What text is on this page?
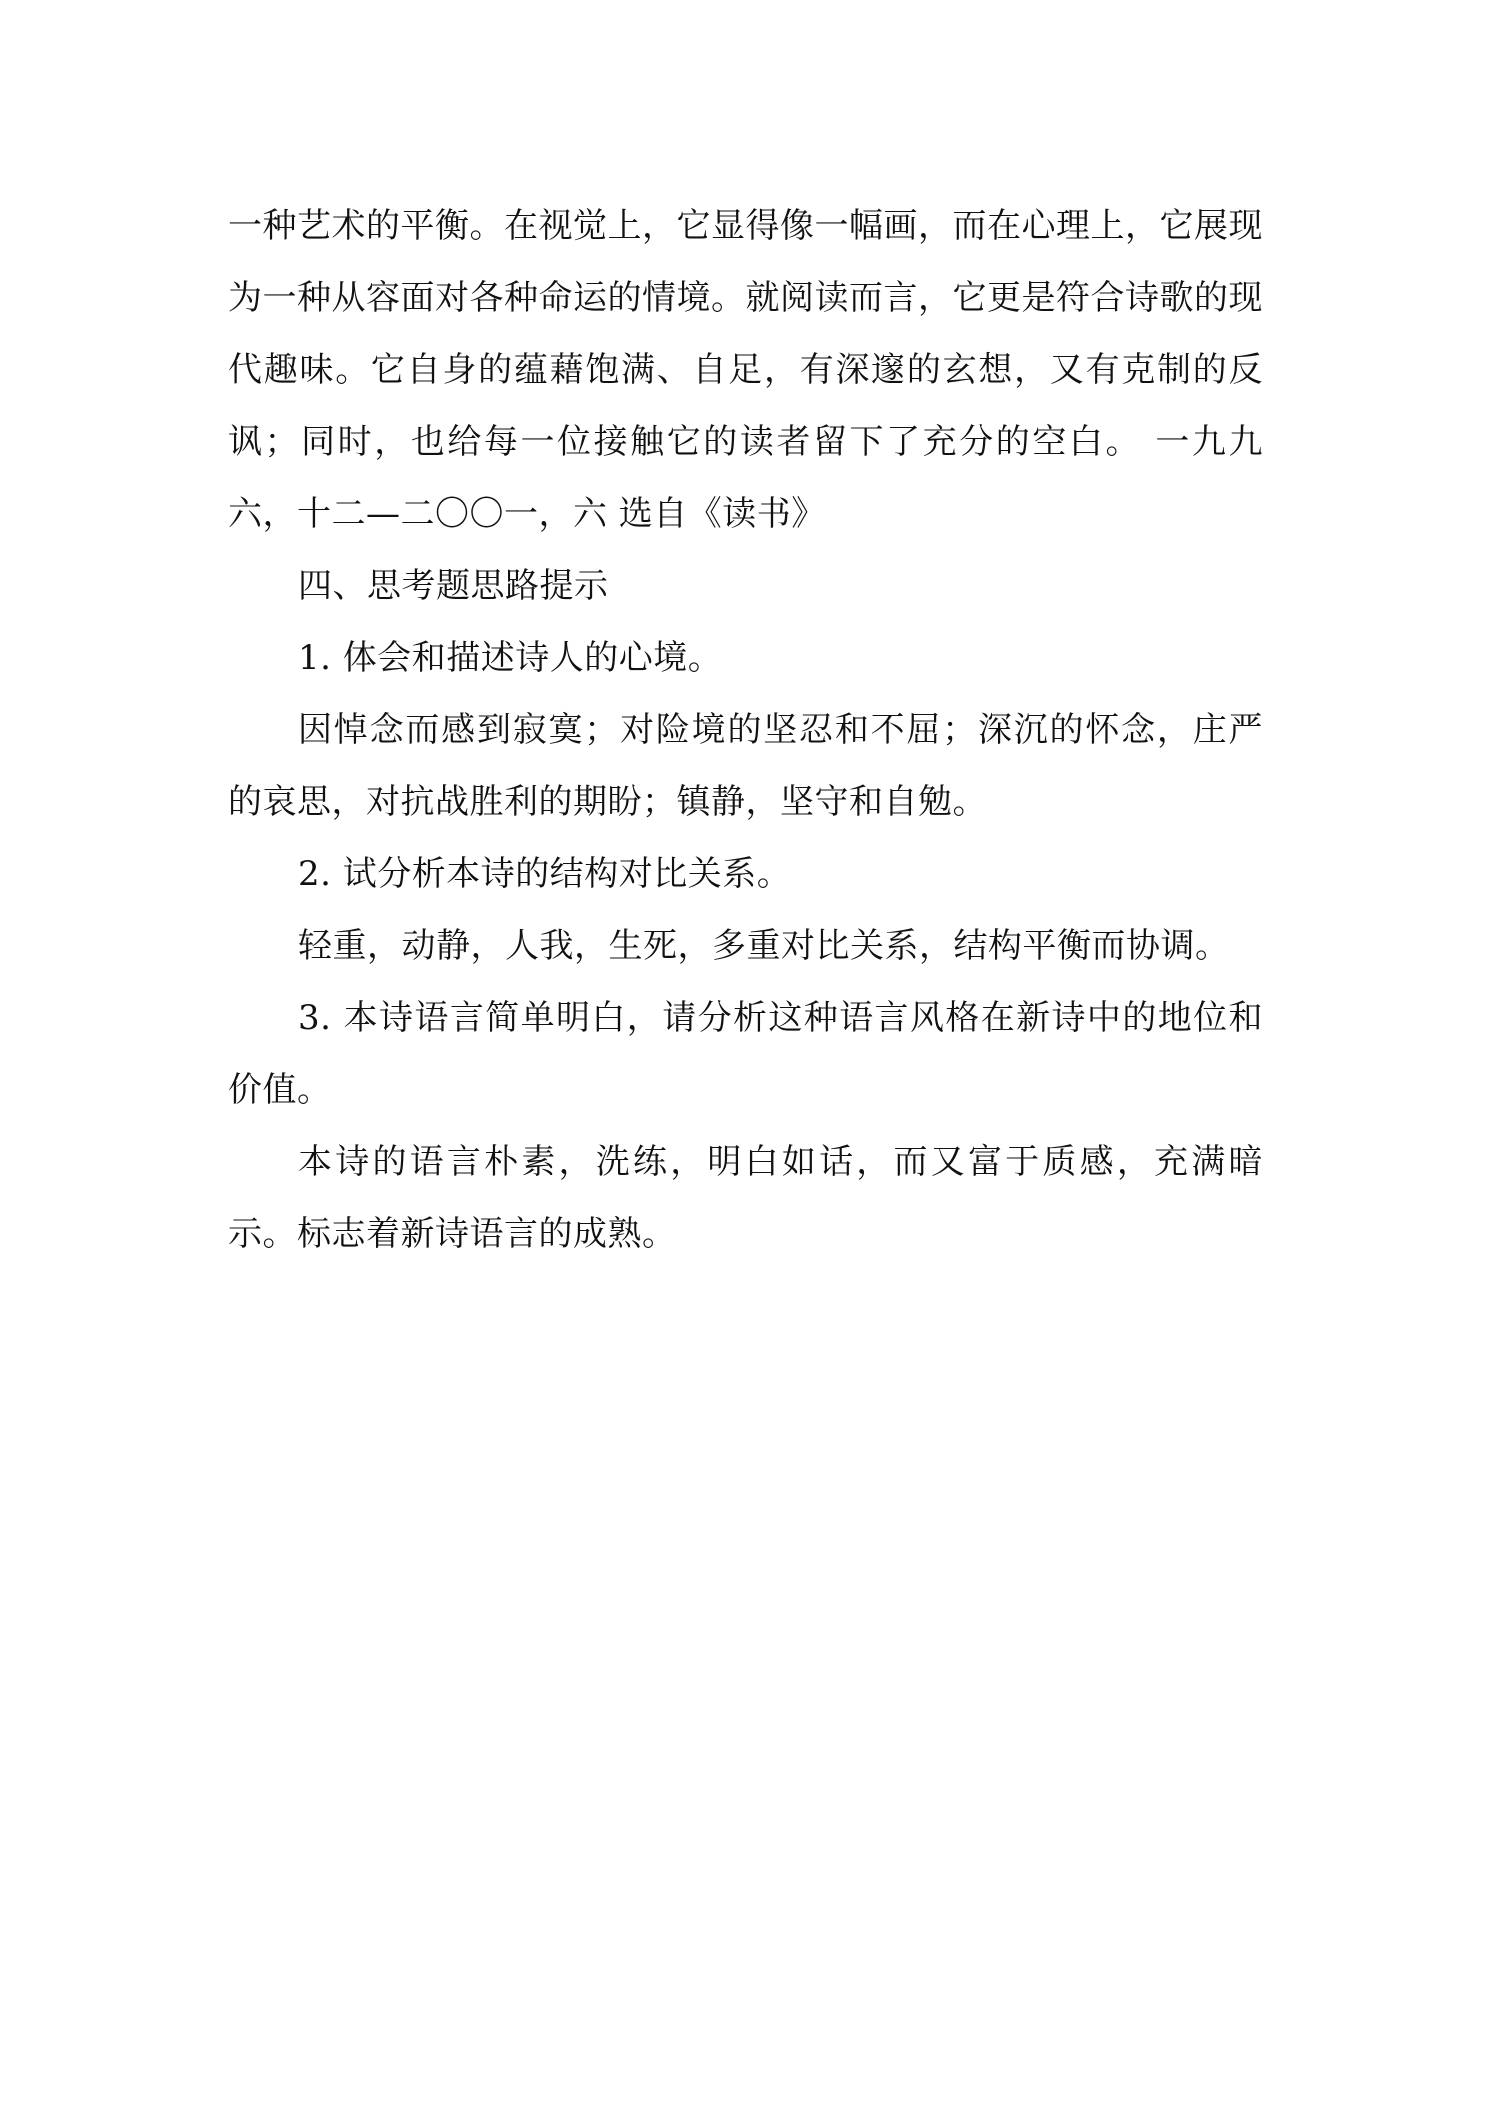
一种艺术的平衡。在视觉上，它显得像一幅画，而在心理上，它展现为一种从容面对各种命运的情境。就阅读而言，它更是符合诗歌的现代趣味。它自身的蕴藉饱满、自足，有深邃的玄想，又有克制的反讽；同时，也给每一位接触它的读者留下了充分的空白。 一九九六，十二—二〇〇一，六 选自《读书》

四、思考题思路提示

1. 体会和描述诗人的心境。

因悼念而感到寂寞；对险境的坚忍和不屈；深沉的怀念，庄严的哀思，对抗战胜利的期盼；镇静，坚守和自勉。

2. 试分析本诗的结构对比关系。

轻重，动静，人我，生死，多重对比关系，结构平衡而协调。

3. 本诗语言简单明白，请分析这种语言风格在新诗中的地位和价值。

本诗的语言朴素，洗练，明白如话，而又富于质感，充满暗示。标志着新诗语言的成熟。
